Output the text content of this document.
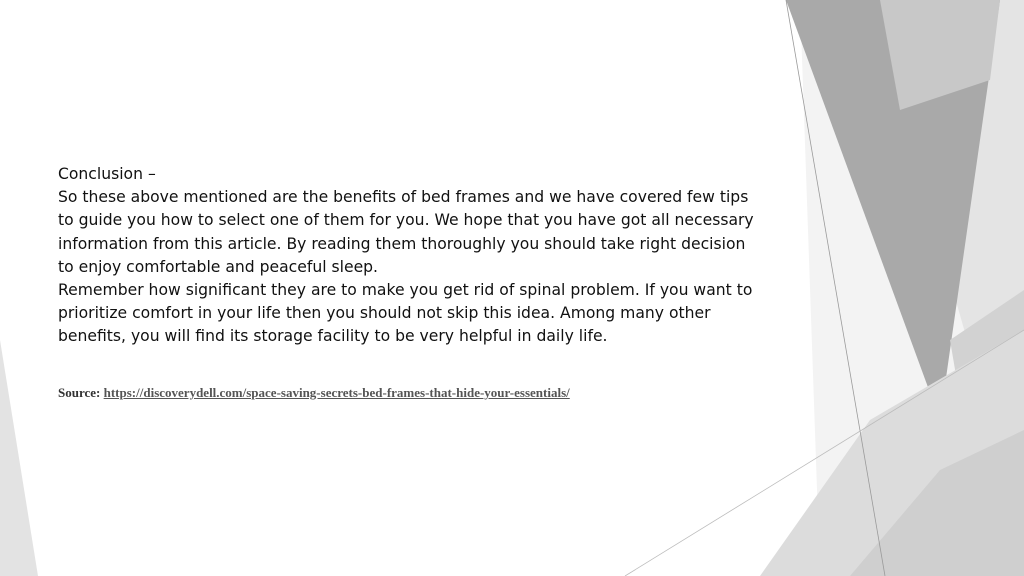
Conclusion –

So these above mentioned are the benefits of bed frames and we have covered few tips to guide you how to select one of them for you. We hope that you have got all necessary information from this article. By reading them thoroughly you should take right decision to enjoy comfortable and peaceful sleep.

Remember how significant they are to make you get rid of spinal problem. If you want to prioritize comfort in your life then you should not skip this idea. Among many other benefits, you will find its storage facility to be very helpful in daily life.

Source: https://discoverydell.com/space-saving-secrets-bed-frames-that-hide-your-essentials/
